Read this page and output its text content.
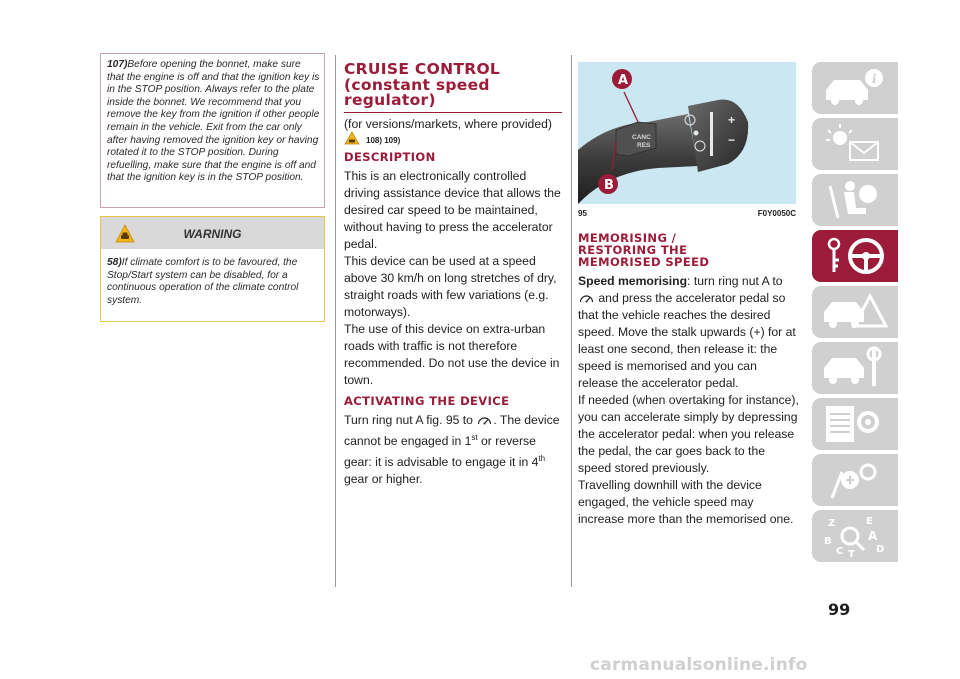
107)Before opening the bonnet, make sure that the engine is off and that the ignition key is in the STOP position. Always refer to the plate inside the bonnet. We recommend that you remove the key from the ignition if other people remain in the vehicle. Exit from the car only after having removed the ignition key or having rotated it to the STOP position. During refuelling, make sure that the engine is off and that the ignition key is in the STOP position.

WARNING

58)If climate comfort is to be favoured, the Stop/Start system can be disabled, for a continuous operation of the climate control system.

CRUISE CONTROL
(constant speed
regulator)

(for versions/markets, where provided)

108) 109)
DESCRIPTION

This is an electronically controlled driving assistance device that allows the desired car speed to be maintained, without having to press the accelerator pedal.

This device can be used at a speed above 30 km/h on long stretches of dry, straight roads with few variations (e.g. motorways).

The use of this device on extra-urban roads with traffic is not therefore recommended. Do not use the device in town.

ACTIVATING THE DEVICE

Turn ring nut A fig. 95 to . The device cannot be engaged in 1st or reverse gear: it is advisable to engage it in 4th gear or higher.

CANC
RES
+
−
A
B
95	F0Y0050C
MEMORISING /
RESTORING THE
MEMORISED SPEED

Speed memorising: turn ring nut A to
and press the accelerator pedal so that the vehicle reaches the desired speed. Move the stalk upwards (+) for at least one second, then release it: the speed is memorised and you can release the accelerator pedal.

If needed (when overtaking for instance), you can accelerate simply by depressing the accelerator pedal: when you release the pedal, the car goes back to the speed stored previously.

Travelling downhill with the device engaged, the vehicle speed may increase more than the memorised one.

i
Z	E
B	A
C T D
99
carmanualsonline.info
